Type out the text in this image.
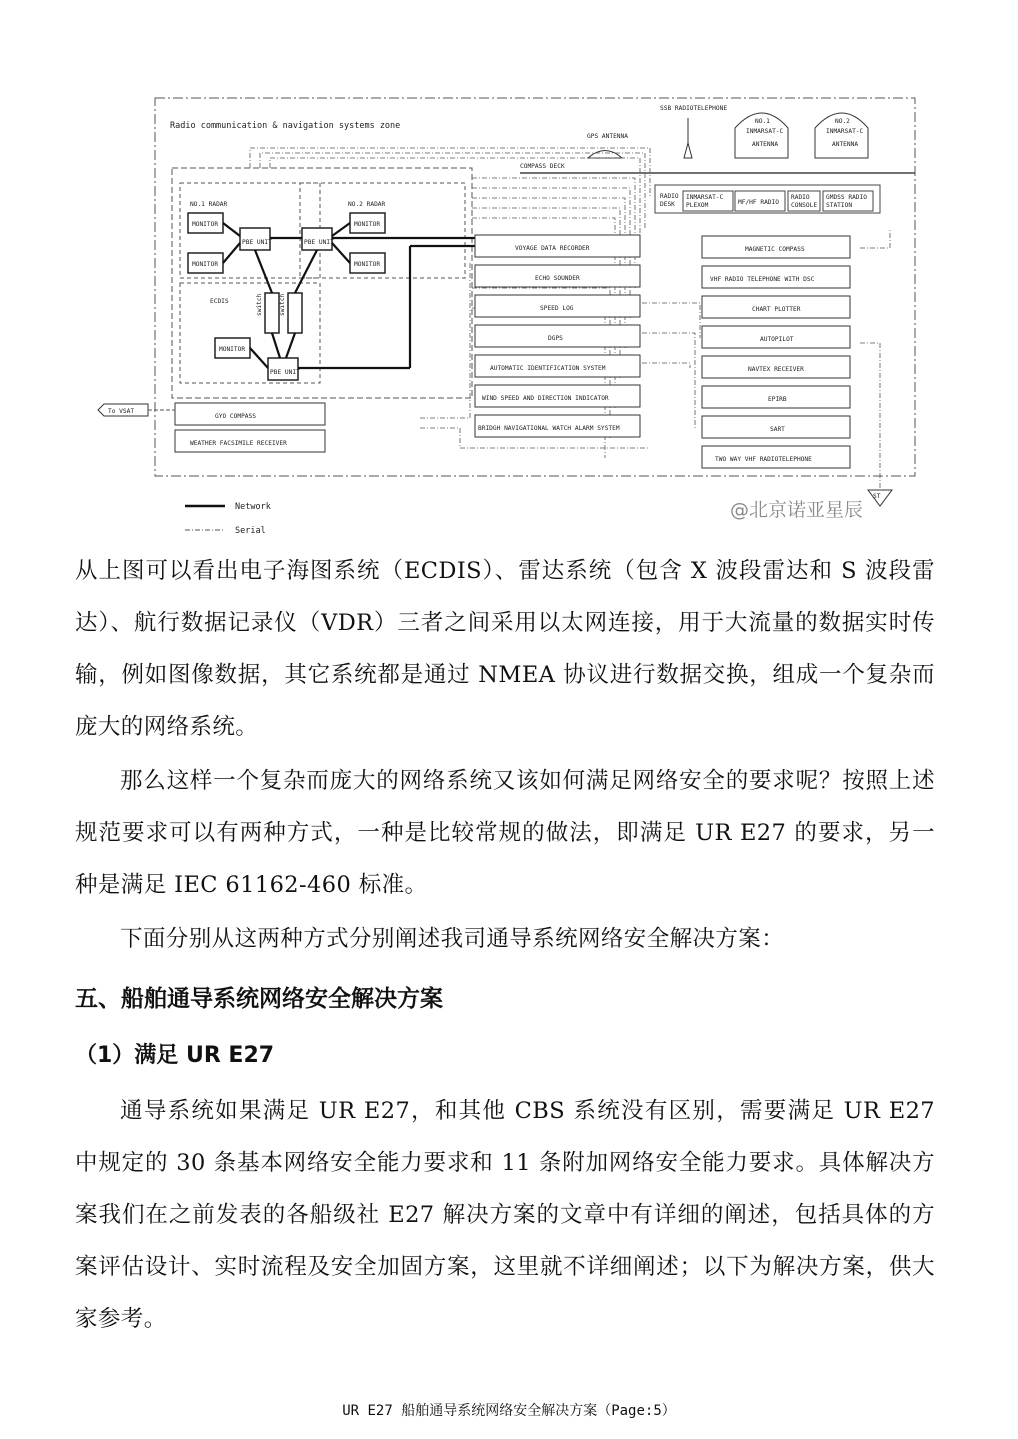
Radio communication & navigation systems zone
COMPASS DECK
GPS ANTENNA
SSB RADIOTELEPHONE
NO.1
INMARSAT-C
ANTENNA
NO.2
INMARSAT-C
ANTENNA
RADIO
DESK
INMARSAT-C
PLEXOM	MF/HF RADIO
RADIO
CONSOLE
GMDSS RADIO
STATION
NO.1 RADAR	NO.2 RADAR
MONITOR
MONITOR
MONITOR
MONITOR
MONITOR
PBE UNIT	PBE UNIT
PBE UNIT
ECDIS	switch	switch
VOYAGE DATA RECORDER
ECHO SOUNDER
SPEED LOG
DGPS
AUTOMATIC IDENTIFICATION SYSTEM
WIND SPEED AND DIRECTION INDICATOR
BRIDGH NAVIGATIONAL WATCH ALARM SYSTEM
MAGNETIC COMPASS
VHF RADIO TELEPHONE WITH DSC
CHART PLOTTER
AUTOPILOT
NAVTEX RECEIVER
EPIRB
SART
TWO WAY VHF RADIOTELEPHONE
GYO COMPASS
WEATHER FACSIMILE RECEIVER
To VSAT
ST
Network
Serial
@北京诺亚星辰

从上图可以看出电子海图系统（ECDIS）、雷达系统（包含 X 波段雷达和 S 波段雷达）、航行数据记录仪（VDR）三者之间采用以太网连接，用于大流量的数据实时传输，例如图像数据，其它系统都是通过 NMEA 协议进行数据交换，组成一个复杂而庞大的网络系统。

那么这样一个复杂而庞大的网络系统又该如何满足网络安全的要求呢？按照上述规范要求可以有两种方式，一种是比较常规的做法，即满足 UR E27 的要求，另一种是满足 IEC 61162-460 标准。

下面分别从这两种方式分别阐述我司通导系统网络安全解决方案：

五、船舶通导系统网络安全解决方案
（1）满足 UR E27

通导系统如果满足 UR E27，和其他 CBS 系统没有区别，需要满足 UR E27 中规定的 30 条基本网络安全能力要求和 11 条附加网络安全能力要求。具体解决方案我们在之前发表的各船级社 E27 解决方案的文章中有详细的阐述，包括具体的方案评估设计、实时流程及安全加固方案，这里就不详细阐述；以下为解决方案，供大家参考。

UR E27 船舶通导系统网络安全解决方案（Page:5）
